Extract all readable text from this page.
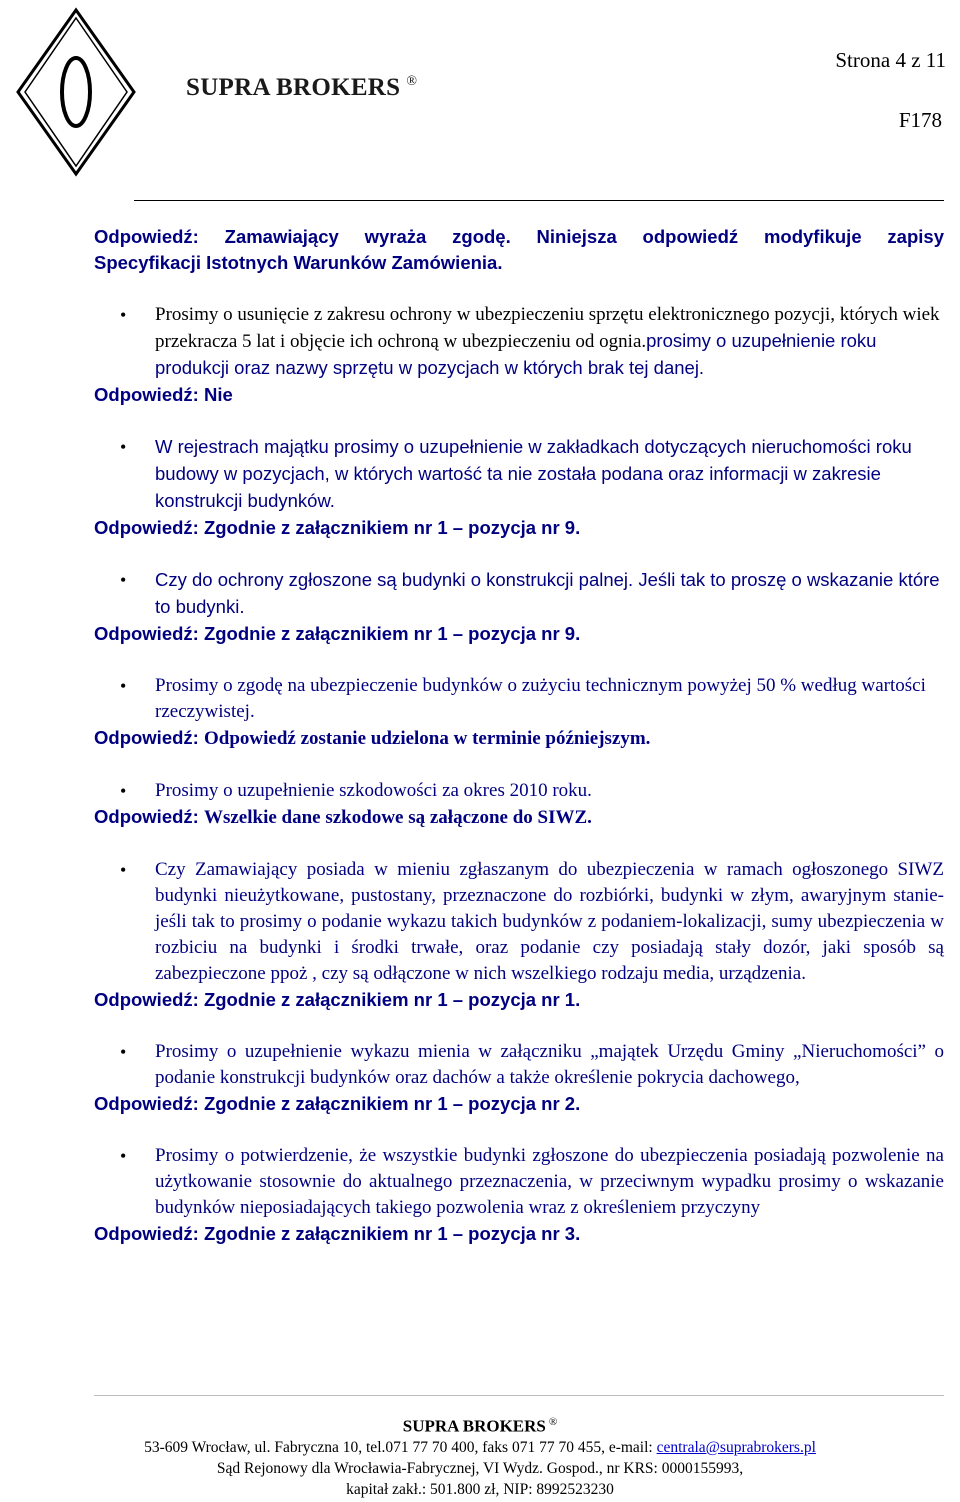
Strona 4 z 11
SUPRA BROKERS ®
F178
Odpowiedź: Zamawiający wyraża zgodę. Niniejsza odpowiedź modyfikuje zapisy
Specyfikacji Istotnych Warunków Zamówienia.
• Prosimy o usunięcie z zakresu ochrony w ubezpieczeniu sprzętu elektronicznego pozycji, których wiek przekracza 5 lat i objęcie ich ochroną w ubezpieczeniu od ognia.prosimy o uzupełnienie roku produkcji oraz nazwy sprzętu w pozycjach w których brak tej danej.
Odpowiedź: Nie
• W rejestrach majątku prosimy o uzupełnienie w zakładkach dotyczących nieruchomości roku budowy w pozycjach, w których wartość ta nie została podana oraz informacji w zakresie konstrukcji budynków.
Odpowiedź: Zgodnie z załącznikiem nr 1 – pozycja nr 9.
• Czy do ochrony zgłoszone są budynki o konstrukcji palnej. Jeśli tak to proszę o wskazanie które to budynki.
Odpowiedź: Zgodnie z załącznikiem nr 1 – pozycja nr 9.
• Prosimy o zgodę na ubezpieczenie budynków o zużyciu technicznym powyżej 50 % według wartości rzeczywistej.
Odpowiedź: Odpowiedź zostanie udzielona w terminie późniejszym.
• Prosimy o uzupełnienie szkodowości za okres 2010 roku.
Odpowiedź: Wszelkie dane szkodowe są załączone do SIWZ.
• Czy Zamawiający posiada w mieniu zgłaszanym do ubezpieczenia w ramach ogłoszonego SIWZ budynki nieużytkowane, pustostany, przeznaczone do rozbiórki, budynki w złym, awaryjnym stanie- jeśli tak to prosimy o podanie wykazu takich budynków z podaniem-lokalizacji, sumy ubezpieczenia w rozbiciu na budynki i środki trwałe, oraz podanie czy posiadają stały dozór, jaki sposób są zabezpieczone ppoż , czy są odłączone w nich wszelkiego rodzaju media, urządzenia.
Odpowiedź: Zgodnie z załącznikiem nr 1 – pozycja nr 1.
• Prosimy o uzupełnienie wykazu mienia w załączniku „majątek Urzędu Gminy „Nieruchomości” o podanie konstrukcji budynków oraz dachów a także określenie pokrycia dachowego,
Odpowiedź: Zgodnie z załącznikiem nr 1 – pozycja nr 2.
• Prosimy o potwierdzenie, że wszystkie budynki zgłoszone do ubezpieczenia posiadają pozwolenie na użytkowanie stosownie do aktualnego przeznaczenia, w przeciwnym wypadku prosimy o wskazanie budynków nieposiadających takiego pozwolenia wraz z określeniem przyczyny
Odpowiedź: Zgodnie z załącznikiem nr 1 – pozycja nr 3.
SUPRA BROKERS ®
53-609 Wrocław, ul. Fabryczna 10, tel.071 77 70 400, faks 071 77 70 455, e-mail: centrala@suprabrokers.pl
Sąd Rejonowy dla Wrocławia-Fabrycznej, VI Wydz. Gospod., nr KRS: 0000155993,
kapitał zakł.: 501.800 zł, NIP: 8992523230
